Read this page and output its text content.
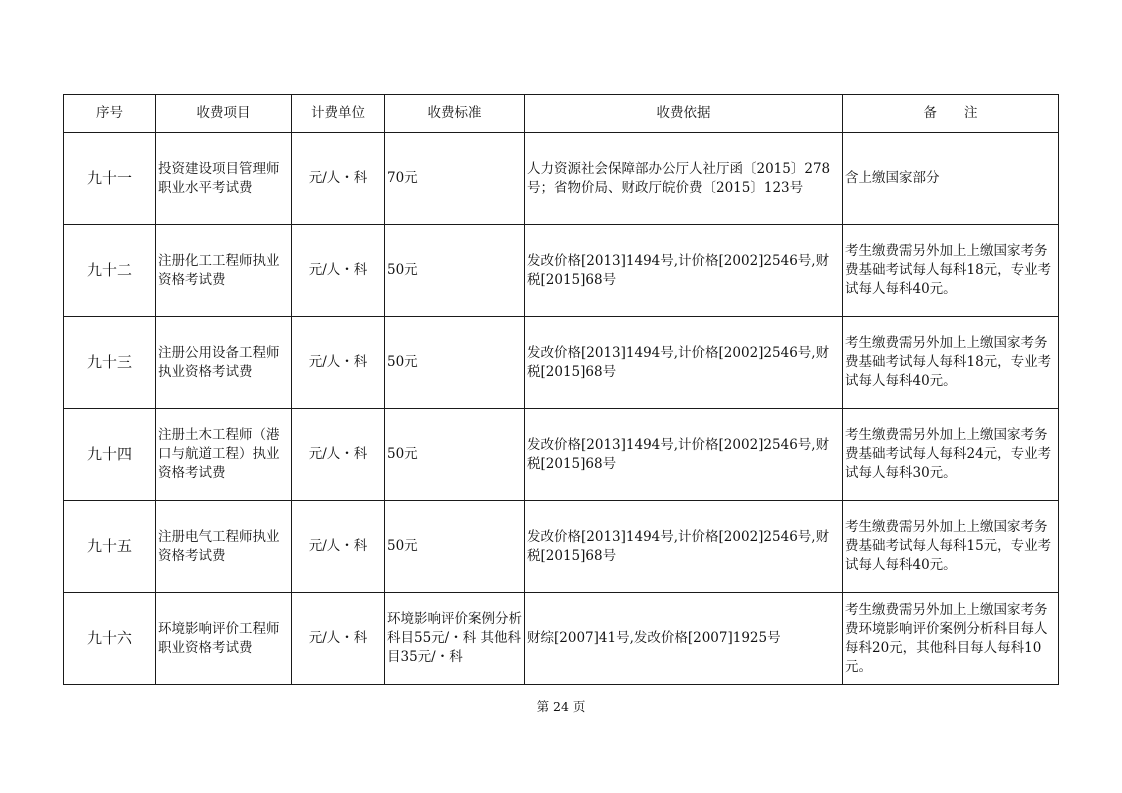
序号	收费项目	计费单位	收费标准	收费依据	备　　注
九十一	投资建设项目管理师职业水平考试费	元/人・科	70元	人力资源社会保障部办公厅人社厅函〔2015〕278号；省物价局、财政厅皖价费〔2015〕123号	含上缴国家部分
九十二	注册化工工程师执业资格考试费	元/人・科	50元	发改价格[2013]1494号,计价格[2002]2546号,财税[2015]68号	考生缴费需另外加上上缴国家考务费基础考试每人每科18元，专业考试每人每科40元。
九十三	注册公用设备工程师执业资格考试费	元/人・科	50元	发改价格[2013]1494号,计价格[2002]2546号,财税[2015]68号	考生缴费需另外加上上缴国家考务费基础考试每人每科18元，专业考试每人每科40元。
九十四	注册土木工程师（港口与航道工程）执业资格考试费	元/人・科	50元	发改价格[2013]1494号,计价格[2002]2546号,财税[2015]68号	考生缴费需另外加上上缴国家考务费基础考试每人每科24元，专业考试每人每科30元。
九十五	注册电气工程师执业资格考试费	元/人・科	50元	发改价格[2013]1494号,计价格[2002]2546号,财税[2015]68号	考生缴费需另外加上上缴国家考务费基础考试每人每科15元，专业考试每人每科40元。
九十六	环境影响评价工程师职业资格考试费	元/人・科	环境影响评价案例分析科目55元/・科 其他科目35元/・科	财综[2007]41号,发改价格[2007]1925号	考生缴费需另外加上上缴国家考务费环境影响评价案例分析科目每人每科20元，其他科目每人每科10元。
第 24 页
